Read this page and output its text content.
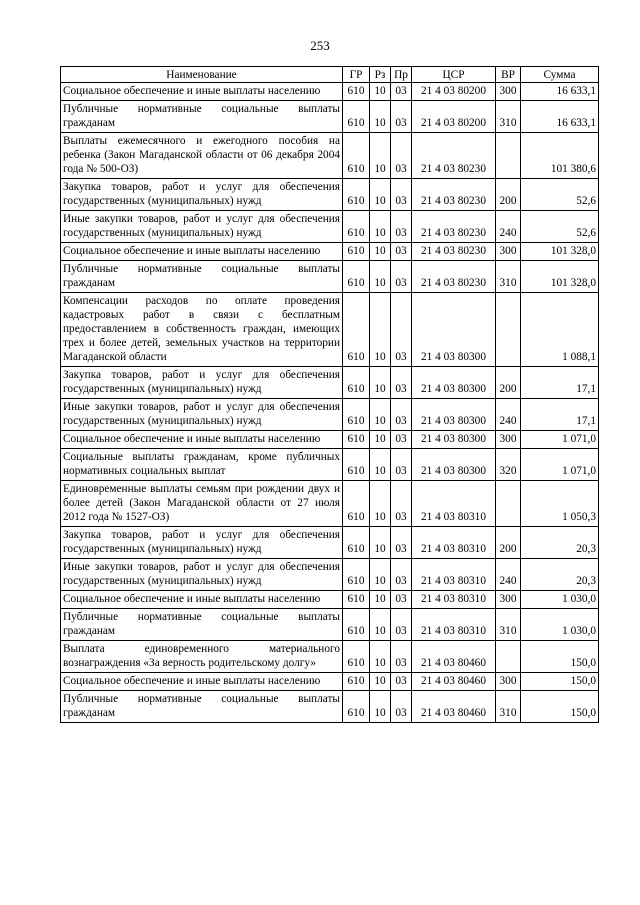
253
Наименование	ГР	Рз	Пр	ЦСР	ВР	Сумма
Социальное обеспечение и иные выплаты населению	610	10	03	21 4 03 80200	300	16 633,1
Публичные нормативные социальные выплаты гражданам	610	10	03	21 4 03 80200	310	16 633,1
Выплаты ежемесячного и ежегодного пособия на ребенка (Закон Магаданской области от 06 декабря 2004 года № 500-ОЗ)	610	10	03	21 4 03 80230		101 380,6
Закупка товаров, работ и услуг для обеспечения государственных (муниципальных) нужд	610	10	03	21 4 03 80230	200	52,6
Иные закупки товаров, работ и услуг для обеспечения государственных (муниципальных) нужд	610	10	03	21 4 03 80230	240	52,6
Социальное обеспечение и иные выплаты населению	610	10	03	21 4 03 80230	300	101 328,0
Публичные нормативные социальные выплаты гражданам	610	10	03	21 4 03 80230	310	101 328,0
Компенсации расходов по оплате проведения кадастровых работ в связи с бесплатным предоставлением в собственность граждан, имеющих трех и более детей, земельных участков на территории Магаданской области	610	10	03	21 4 03 80300		1 088,1
Закупка товаров, работ и услуг для обеспечения государственных (муниципальных) нужд	610	10	03	21 4 03 80300	200	17,1
Иные закупки товаров, работ и услуг для обеспечения государственных (муниципальных) нужд	610	10	03	21 4 03 80300	240	17,1
Социальное обеспечение и иные выплаты населению	610	10	03	21 4 03 80300	300	1 071,0
Социальные выплаты гражданам, кроме публичных нормативных социальных выплат	610	10	03	21 4 03 80300	320	1 071,0
Единовременные выплаты семьям при рождении двух и более детей (Закон Магаданской области от 27 июля 2012 года № 1527-ОЗ)	610	10	03	21 4 03 80310		1 050,3
Закупка товаров, работ и услуг для обеспечения государственных (муниципальных) нужд	610	10	03	21 4 03 80310	200	20,3
Иные закупки товаров, работ и услуг для обеспечения государственных (муниципальных) нужд	610	10	03	21 4 03 80310	240	20,3
Социальное обеспечение и иные выплаты населению	610	10	03	21 4 03 80310	300	1 030,0
Публичные нормативные социальные выплаты гражданам	610	10	03	21 4 03 80310	310	1 030,0
Выплата единовременного материального вознаграждения «За верность родительскому долгу»	610	10	03	21 4 03 80460		150,0
Социальное обеспечение и иные выплаты населению	610	10	03	21 4 03 80460	300	150,0
Публичные нормативные социальные выплаты гражданам	610	10	03	21 4 03 80460	310	150,0
